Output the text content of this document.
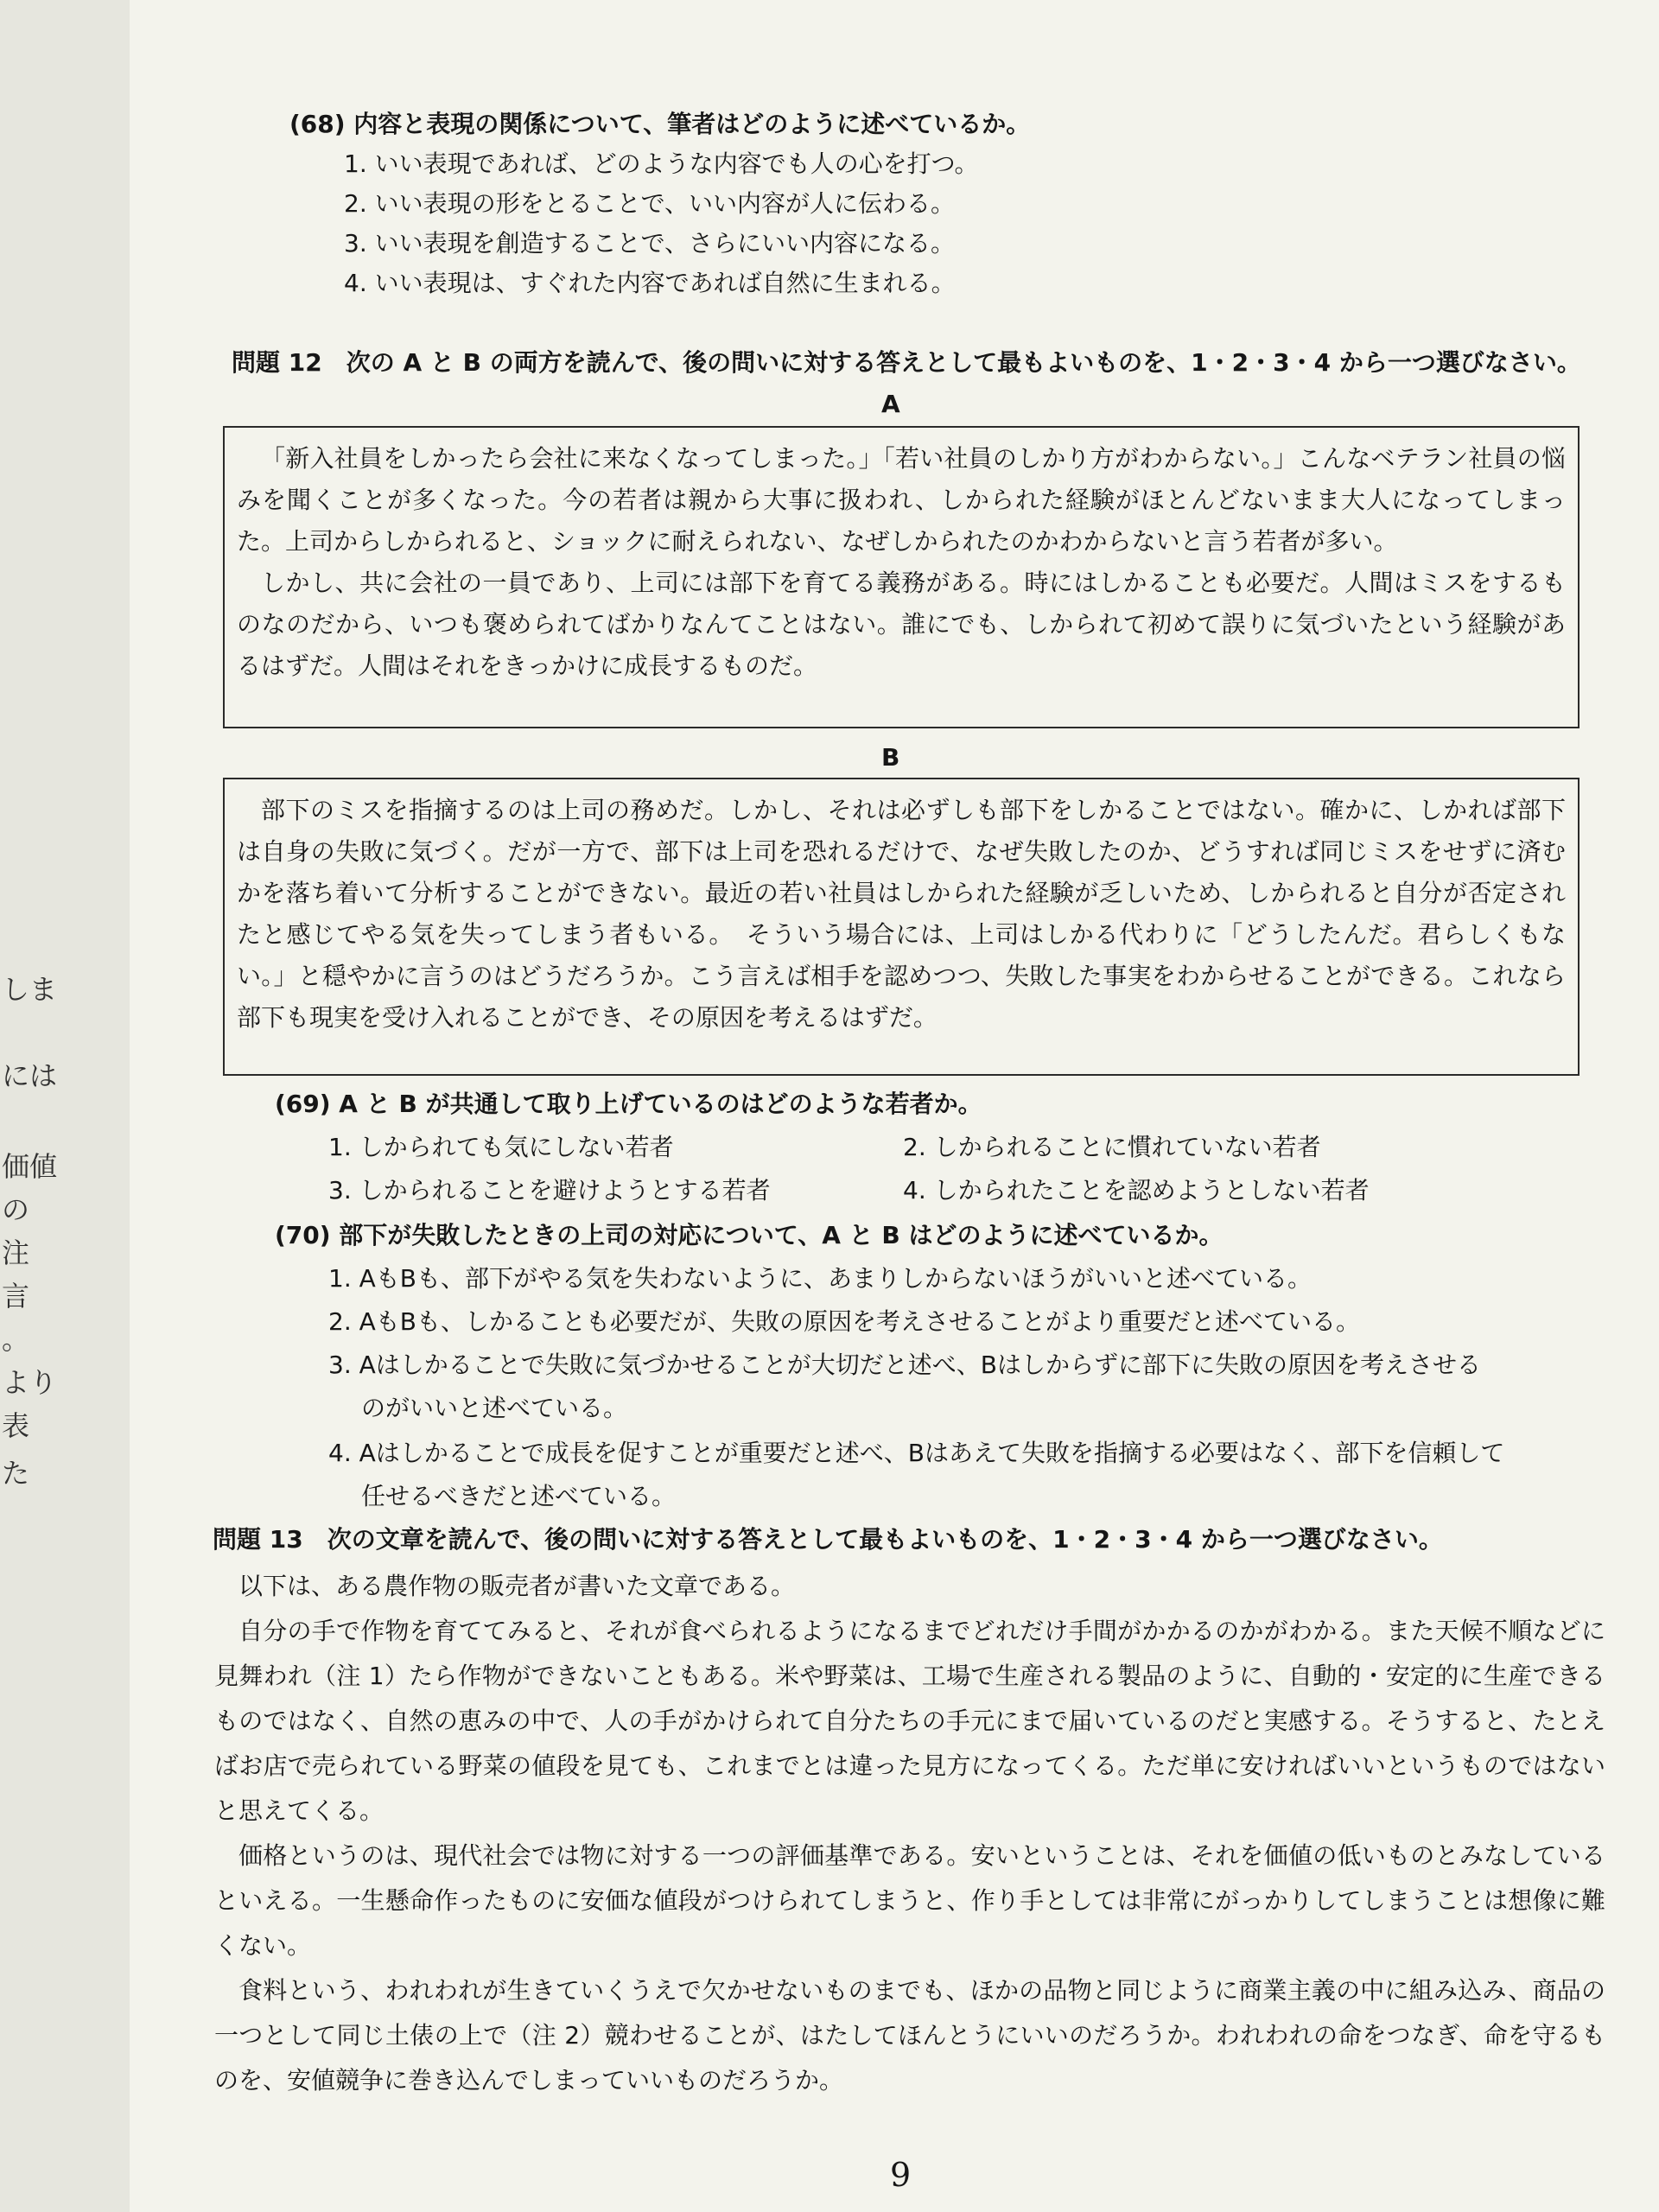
しま
には
価値
の
注
言
。
より
表
た
(68) 内容と表現の関係について、筆者はどのように述べているか。
1. いい表現であれば、どのような内容でも人の心を打つ。
2. いい表現の形をとることで、いい内容が人に伝わる。
3. いい表現を創造することで、さらにいい内容になる。
4. いい表現は、すぐれた内容であれば自然に生まれる。
問題 12　次の A と B の両方を読んで、後の問いに対する答えとして最もよいものを、1・2・3・4 から一つ選びなさい。
A

「新入社員をしかったら会社に来なくなってしまった。」「若い社員のしかり方がわからない。」こんなベテラン社員の悩みを聞くことが多くなった。今の若者は親から大事に扱われ、しかられた経験がほとんどないまま大人になってしまった。上司からしかられると、ショックに耐えられない、なぜしかられたのかわからないと言う若者が多い。

しかし、共に会社の一員であり、上司には部下を育てる義務がある。時にはしかることも必要だ。人間はミスをするものなのだから、いつも褒められてばかりなんてことはない。誰にでも、しかられて初めて誤りに気づいたという経験があるはずだ。人間はそれをきっかけに成長するものだ。

B

部下のミスを指摘するのは上司の務めだ。しかし、それは必ずしも部下をしかることではない。確かに、しかれば部下は自身の失敗に気づく。だが一方で、部下は上司を恐れるだけで、なぜ失敗したのか、どうすれば同じミスをせずに済むかを落ち着いて分析することができない。最近の若い社員はしかられた経験が乏しいため、しかられると自分が否定されたと感じてやる気を失ってしまう者もいる。　そういう場合には、上司はしかる代わりに「どうしたんだ。君らしくもない。」と穏やかに言うのはどうだろうか。こう言えば相手を認めつつ、失敗した事実をわからせることができる。これなら部下も現実を受け入れることができ、その原因を考えるはずだ。

(69) A と B が共通して取り上げているのはどのような若者か。
1. しかられても気にしない若者	2. しかられることに慣れていない若者
3. しかられることを避けようとする若者	4. しかられたことを認めようとしない若者
(70) 部下が失敗したときの上司の対応について、A と B はどのように述べているか。
1. AもBも、部下がやる気を失わないように、あまりしからないほうがいいと述べている。
2. AもBも、しかることも必要だが、失敗の原因を考えさせることがより重要だと述べている。
3. Aはしかることで失敗に気づかせることが大切だと述べ、Bはしからずに部下に失敗の原因を考えさせる
のがいいと述べている。
4. Aはしかることで成長を促すことが重要だと述べ、Bはあえて失敗を指摘する必要はなく、部下を信頼して
任せるべきだと述べている。
問題 13　次の文章を読んで、後の問いに対する答えとして最もよいものを、1・2・3・4 から一つ選びなさい。

以下は、ある農作物の販売者が書いた文章である。

自分の手で作物を育ててみると、それが食べられるようになるまでどれだけ手間がかかるのかがわかる。また天候不順などに見舞われ（注 1）たら作物ができないこともある。米や野菜は、工場で生産される製品のように、自動的・安定的に生産できるものではなく、自然の恵みの中で、人の手がかけられて自分たちの手元にまで届いているのだと実感する。そうすると、たとえばお店で売られている野菜の値段を見ても、これまでとは違った見方になってくる。ただ単に安ければいいというものではないと思えてくる。

価格というのは、現代社会では物に対する一つの評価基準である。安いということは、それを価値の低いものとみなしているといえる。一生懸命作ったものに安価な値段がつけられてしまうと、作り手としては非常にがっかりしてしまうことは想像に難くない。

食料という、われわれが生きていくうえで欠かせないものまでも、ほかの品物と同じように商業主義の中に組み込み、商品の一つとして同じ土俵の上で（注 2）競わせることが、はたしてほんとうにいいのだろうか。われわれの命をつなぎ、命を守るものを、安値競争に巻き込んでしまっていいものだろうか。

9
